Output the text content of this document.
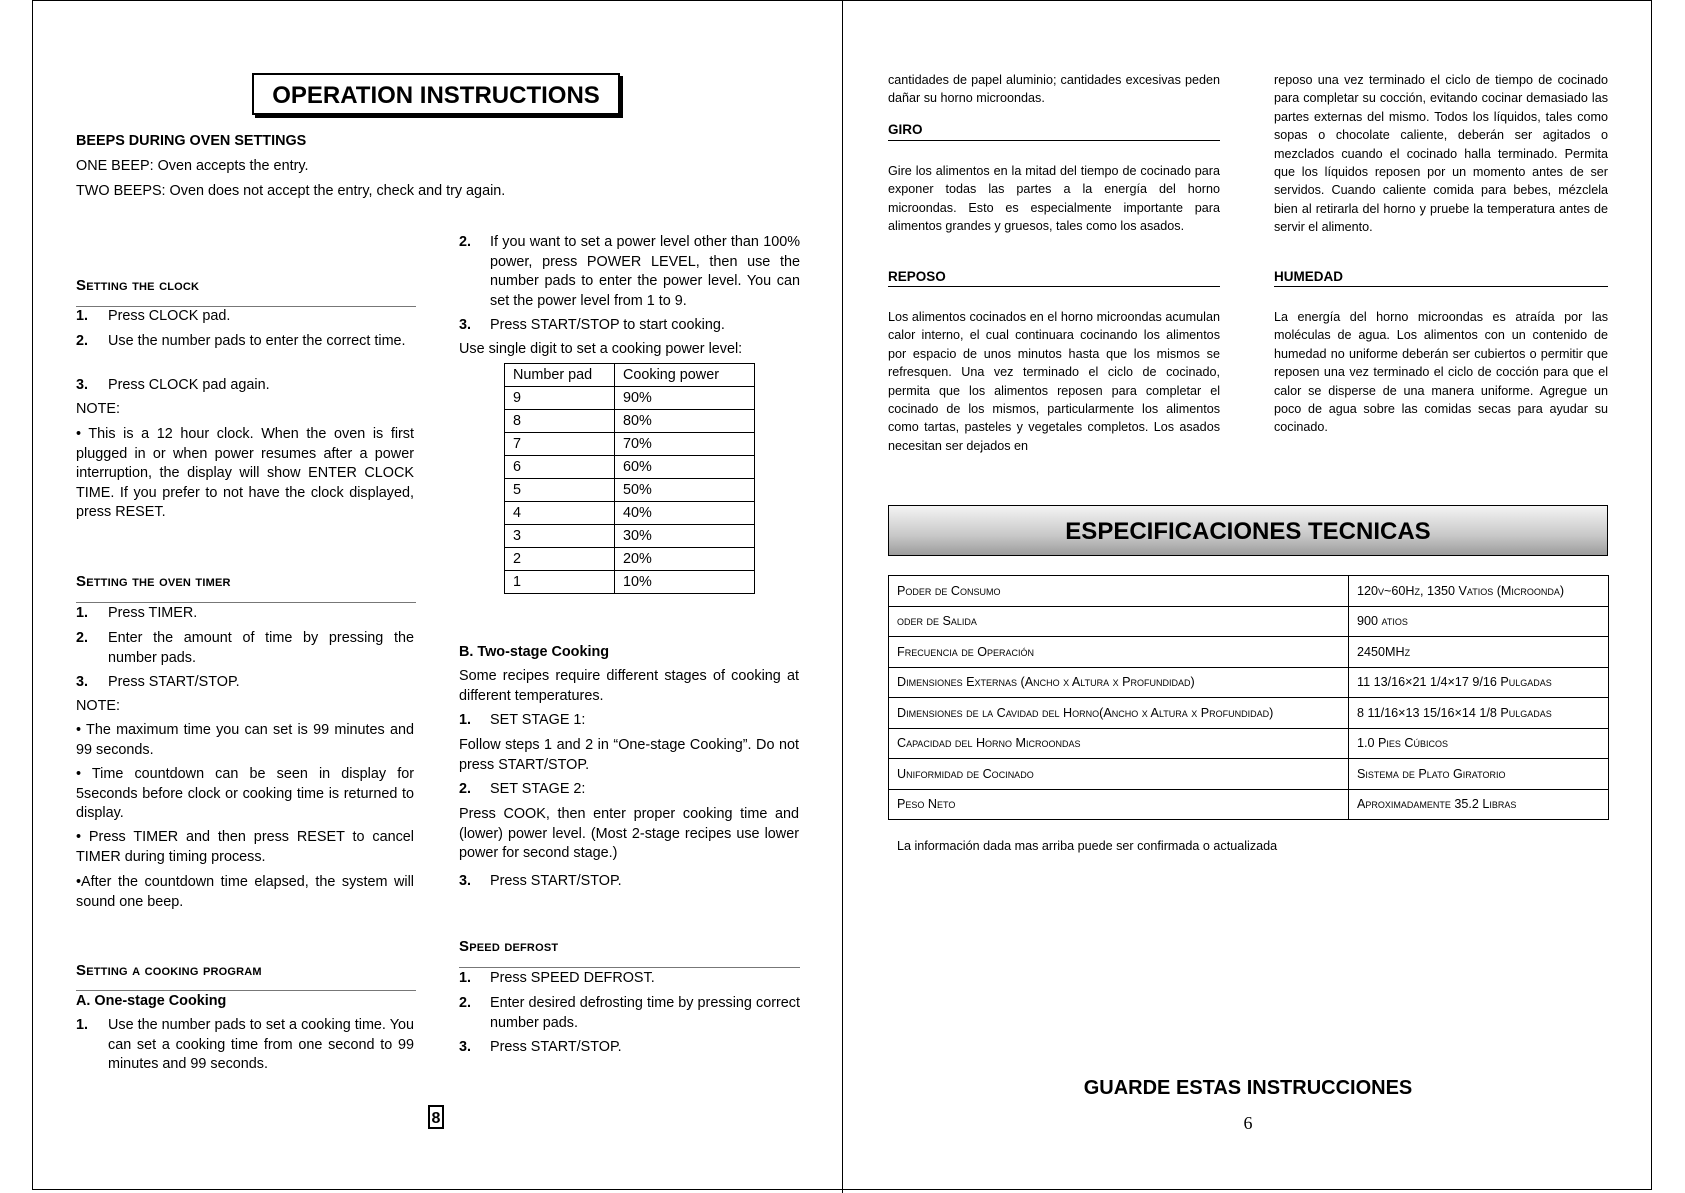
OPERATION INSTRUCTIONS
BEEPS DURING OVEN SETTINGS
ONE BEEP: Oven accepts the entry.
TWO BEEPS: Oven does not accept the entry, check and try again.
Setting the clock
1. Press CLOCK pad.
2. Use the number pads to enter the correct time.
3. Press CLOCK pad again.
NOTE:
• This is a 12 hour clock. When the oven is first plugged in or when power resumes after a power interruption, the display will show ENTER CLOCK TIME. If you prefer to not have the clock displayed, press RESET.
Setting the oven timer
1. Press TIMER.
2. Enter the amount of time by pressing the number pads.
3. Press START/STOP.
NOTE:
• The maximum time you can set is 99 minutes and 99 seconds.
• Time countdown can be seen in display for 5seconds before clock or cooking time is returned to display.
• Press TIMER and then press RESET to cancel TIMER during timing process.
•After the countdown time elapsed, the system will sound one beep.
Setting a cooking program
A. One-stage Cooking
1. Use the number pads to set a cooking time. You can set a cooking time from one second to 99 minutes and 99 seconds.
2. If you want to set a power level other than 100% power, press POWER LEVEL, then use the number pads to enter the power level. You can set the power level from 1 to 9.
3. Press START/STOP to start cooking.
Use single digit to set a cooking power level:
Number pad	Cooking power
9	90%
8	80%
7	70%
6	60%
5	50%
4	40%
3	30%
2	20%
1	10%
B. Two-stage Cooking
Some recipes require different stages of cooking at different temperatures.
1. SET STAGE 1:
Follow steps 1 and 2 in “One-stage Cooking”. Do not press START/STOP.
2. SET STAGE 2:
Press COOK, then enter proper cooking time and (lower) power level. (Most 2-stage recipes use lower power for second stage.)
3. Press START/STOP.
Speed defrost
1. Press SPEED DEFROST.
2. Enter desired defrosting time by pressing correct number pads.
3. Press START/STOP.
8
cantidades de papel aluminio; cantidades excesivas peden dañar su horno microondas.
GIRO
Gire los alimentos en la mitad del tiempo de cocinado para exponer todas las partes a la energía del horno microondas. Esto es especialmente importante para alimentos grandes y gruesos, tales como los asados.
REPOSO
Los alimentos cocinados en el horno microondas acumulan calor interno, el cual continuara cocinando los alimentos por espacio de unos minutos hasta que los mismos se refresquen. Una vez terminado el ciclo de cocinado, permita que los alimentos reposen para completar el cocinado de los mismos, particularmente los alimentos como tartas, pasteles y vegetales completos. Los asados necesitan ser dejados en
reposo una vez terminado el ciclo de tiempo de cocinado para completar su cocción, evitando cocinar demasiado las partes externas del mismo. Todos los líquidos, tales como sopas o chocolate caliente, deberán ser agitados o mezclados cuando el cocinado halla terminado. Permita que los líquidos reposen por un momento antes de ser servidos. Cuando caliente comida para bebes, mézclela bien al retirarla del horno y pruebe la temperatura antes de servir el alimento.
HUMEDAD
La energía del horno microondas es atraída por las moléculas de agua. Los alimentos con un contenido de humedad no uniforme deberán ser cubiertos o permitir que reposen una vez terminado el ciclo de cocción para que el calor se disperse de una manera uniforme. Agregue un poco de agua sobre las comidas secas para ayudar su cocinado.
ESPECIFICACIONES TECNICAS
Poder de Consumo	120v~60Hz, 1350 Vatios (Microonda)
oder de Salida	900 atios
Frecuencia de Operación	2450MHz
Dimensiones Externas (Ancho x Altura x Profundidad)	11 13/16×21 1/4×17 9/16 Pulgadas
Dimensiones de la Cavidad del Horno(Ancho x Altura x Profundidad)	8 11/16×13 15/16×14 1/8 Pulgadas
Capacidad del Horno Microondas	1.0 Pies Cúbicos
Uniformidad de Cocinado	Sistema de Plato Giratorio
Peso Neto	Aproximadamente 35.2 Libras
La información dada mas arriba puede ser confirmada o actualizada
GUARDE ESTAS INSTRUCCIONES
6
